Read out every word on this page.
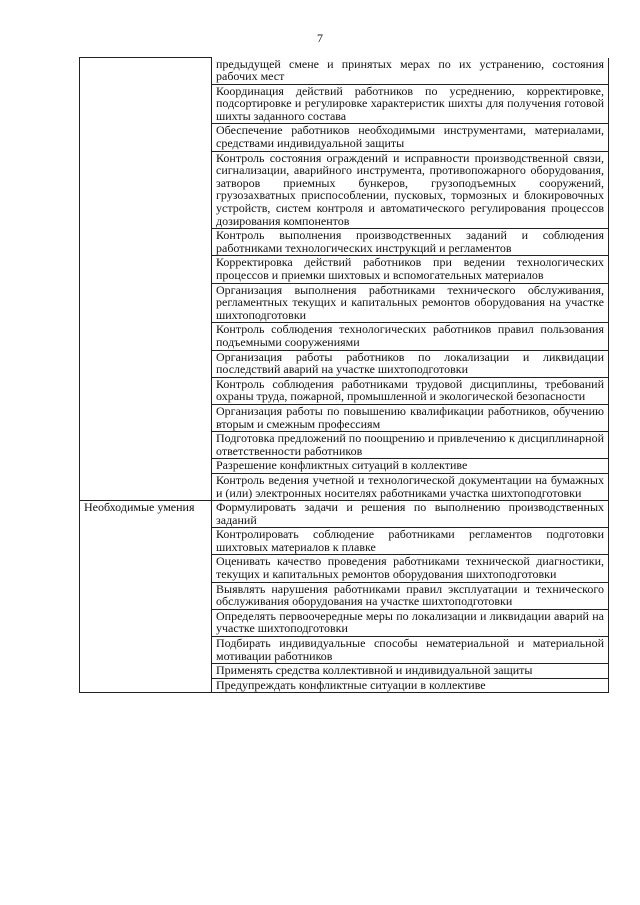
7
	предыдущей смене и принятых мерах по их устранению, состояния рабочих мест
	Координация действий работников по усреднению, корректировке, подсортировке и регулировке характеристик шихты для получения готовой шихты заданного состава
	Обеспечение работников необходимыми инструментами, материалами, средствами индивидуальной защиты
	Контроль состояния ограждений и исправности производственной связи, сигнализации, аварийного инструмента, противопожарного оборудования, затворов приемных бункеров, грузоподъемных сооружений, грузозахватных приспособлении, пусковых, тормозных и блокировочных устройств, систем контроля и автоматического регулирования процессов дозирования компонентов
	Контроль выполнения производственных заданий и соблюдения работниками технологических инструкций и регламентов
	Корректировка действий работников при ведении технологических процессов и приемки шихтовых и вспомогательных материалов
	Организация выполнения работниками технического обслуживания, регламентных текущих и капитальных ремонтов оборудования на участке шихтоподготовки
	Контроль соблюдения технологических работников правил пользования подъемными сооружениями
	Организация работы работников по локализации и ликвидации последствий аварий на участке шихтоподготовки
	Контроль соблюдения работниками трудовой дисциплины, требований охраны труда, пожарной, промышленной и экологической безопасности
	Организация работы по повышению квалификации работников, обучению вторым и смежным профессиям
	Подготовка предложений по поощрению и привлечению к дисциплинарной ответственности работников
	Разрешение конфликтных ситуаций в коллективе
	Контроль ведения учетной и технологической документации на бумажных и (или) электронных носителях работниками участка шихтоподготовки
Необходимые умения	Формулировать задачи и решения по выполнению производственных заданий
	Контролировать соблюдение работниками регламентов подготовки шихтовых материалов к плавке
	Оценивать качество проведения работниками технической диагностики, текущих и капитальных ремонтов оборудования шихтоподготовки
	Выявлять нарушения работниками правил эксплуатации и технического обслуживания оборудования на участке шихтоподготовки
	Определять первоочередные меры по локализации и ликвидации аварий на участке шихтоподготовки
	Подбирать индивидуальные способы нематериальной и материальной мотивации работников
	Применять средства коллективной и индивидуальной защиты
	Предупреждать конфликтные ситуации в коллективе
